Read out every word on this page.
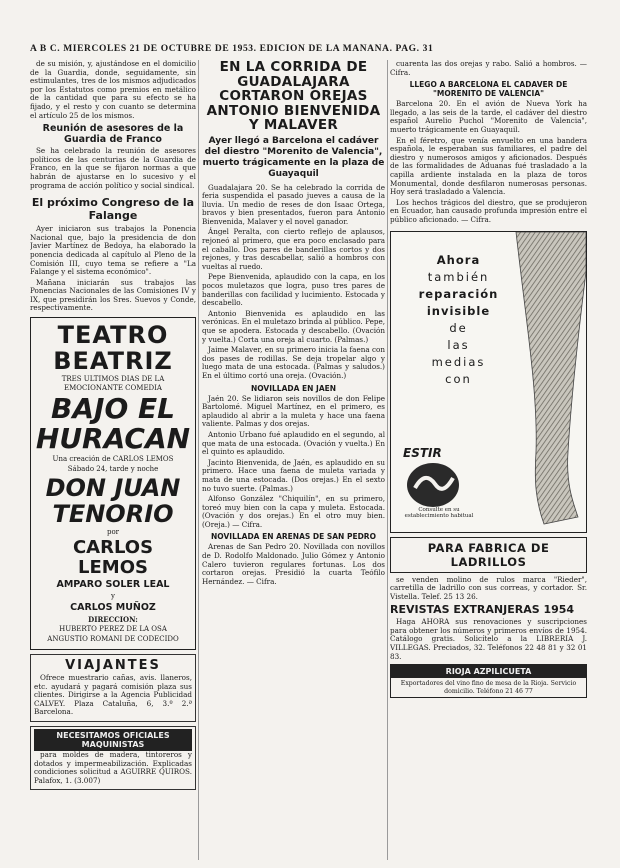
A B C. MIERCOLES 21 DE OCTUBRE DE 1953. EDICION DE LA MAÑANA. PAG. 31

de su misión, y, ajustándose en el domicilio de la Guardia, donde, seguidamente, sin estimulantes, tres de los mismos adjudicados por los Estatutos como premios en metálico de la cantidad que para su efecto se ha fijado, y el resto y con cuanto se determina el artículo 25 de los mismos.

Reunión de asesores de la Guardia de Franco

Se ha celebrado la reunión de asesores políticos de las centurias de la Guardia de Franco, en la que se fijaron normas a que habrán de ajustarse en lo sucesivo y el programa de acción político y social sindical.

El próximo Congreso de la Falange

Ayer iniciaron sus trabajos la Ponencia Nacional que, bajo la presidencia de don Javier Martínez de Bedoya, ha elaborado la ponencia dedicada al capítulo al Pleno de la Comisión III, cuyo tema se refiere a "La Falange y el sistema económico".

Mañana iniciarán sus trabajos las Ponencias Nacionales de las Comisiones IV y IX, que presidirán los Sres. Suevos y Conde, respectivamente.

TEATRO BEATRIZ
TRES ULTIMOS DIAS DE LA EMOCIONANTE COMEDIA
BAJO EL HURACAN
Una creación de CARLOS LEMOS
Sábado 24, tarde y noche
DON JUAN TENORIO
por
CARLOS LEMOS
AMPARO SOLER LEAL
y
CARLOS MUÑOZ
DIRECCION:
HUBERTO PEREZ DE LA OSA
ANGUSTIO ROMANI DE CODECIDO
VIAJANTES

Ofrece muestrario cañas, avis. llaneros, etc. ayudará y pagará comisión plaza sus clientes. Dirigirse a la Agencia Publicidad CALVEY. Plaza Cataluña, 6, 3.º 2.ª Barcelona.

NECESITAMOS OFICIALES MAQUINISTAS

para moldes de madera, tintoreros y dotados y impermeabilización. Explicadas condiciones solicitud a AGUIRRE QUIROS. Palafox, 1. (3.007)

EN LA CORRIDA DE GUADALAJARA CORTARON OREJAS ANTONIO BIENVENIDA Y MALAVER
Ayer llegó a Barcelona el cadáver del diestro "Morenito de Valencia", muerto trágicamente en la plaza de Guayaquil

Guadalajara 20. Se ha celebrado la corrida de feria suspendida el pasado jueves a causa de la lluvia. Un medio de reses de don Isaac Ortega, bravos y bien presentados, fueron para Antonio Bienvenida, Malaver y el novel ganador.

Ángel Peralta, con cierto reflejo de aplausos, rejoneó al primero, que era poco enclasado para el caballo. Dos pares de banderillas cortos y dos rejones, y tras descabellar, salió a hombros con vueltas al ruedo.

Pepe Bienvenida, aplaudido con la capa, en los pocos muletazos que logra, puso tres pares de banderillas con facilidad y lucimiento. Estocada y descabello.

Antonio Bienvenida es aplaudido en las verónicas. En el muletazo brinda al público. Pepe, que se apodera. Estocada y descabello. (Ovación y vuelta.) Corta una oreja al cuarto. (Palmas.)

Jaime Malaver, en su primero inicia la faena con dos pases de rodillas. Se deja tropelar algo y luego mata de una estocada. (Palmas y saludos.) En el último cortó una oreja. (Ovación.)

NOVILLADA EN JAEN

Jaén 20. Se lidiaron seis novillos de don Felipe Bartolomé. Miguel Martínez, en el primero, es aplaudido al abrir a la muleta y hace una faena valiente. Palmas y dos orejas.

Antonio Urbano fué aplaudido en el segundo, al que mata de una estocada. (Ovación y vuelta.) En el quinto es aplaudido.

Jacinto Bienvenida, de Jaén, es aplaudido en su primero. Hace una faena de muleta variada y mata de una estocada. (Dos orejas.) En el sexto no tuvo suerte. (Palmas.)

Alfonso González "Chiquilín", en su primero, toreó muy bien con la capa y muleta. Estocada. (Ovación y dos orejas.) En el otro muy bien. (Oreja.) — Cifra.

NOVILLADA EN ARENAS DE SAN PEDRO

Arenas de San Pedro 20. Novillada con novillos de D. Rodolfo Maldonado. Julio Gómez y Antonio Calero tuvieron regulares fortunas. Los dos cortaron orejas. Presidió la cuarta Teófilo Hernández. — Cifra.

cuarenta las dos orejas y rabo. Salió a hombros. — Cifra.

LLEGO A BARCELONA EL CADAVER DE "MORENITO DE VALENCIA"

Barcelona 20. En el avión de Nueva York ha llegado, a las seis de la tarde, el cadáver del diestro español Aurelio Puchol "Morenito de Valencia", muerto trágicamente en Guayaquil.

En el féretro, que venía envuelto en una bandera española, le esperaban sus familiares, el padre del diestro y numerosos amigos y aficionados. Después de las formalidades de Aduanas fué trasladado a la capilla ardiente instalada en la plaza de toros Monumental, donde desfilaron numerosas personas. Hoy será trasladado a Valencia.

Los hechos trágicos del diestro, que se produjeron en Ecuador, han causado profunda impresión entre el público aficionado. — Cifra.

Ahora
también
reparación
invisible
de
las
medias
con
ESTIR
Consulte en su establecimiento habitual
PARA FABRICA DE LADRILLOS

se venden molino de rulos marca "Rieder", carretilla de ladrillo con sus correas, y cortador. Sr. Vistella. Telef. 25 13 26.

REVISTAS EXTRANJERAS 1954

Haga AHORA sus renovaciones y suscripciones para obtener los números y primeros envíos de 1954. Catálogo gratis. Solicítelo a la LIBRERIA J. VILLEGAS. Preciados, 32. Teléfonos 22 48 81 y 32 01 83.

RIOJA AZPILICUETA
Exportadores del vino fino de mesa de la Rioja. Servicio domicilio. Teléfono 21 46 77
